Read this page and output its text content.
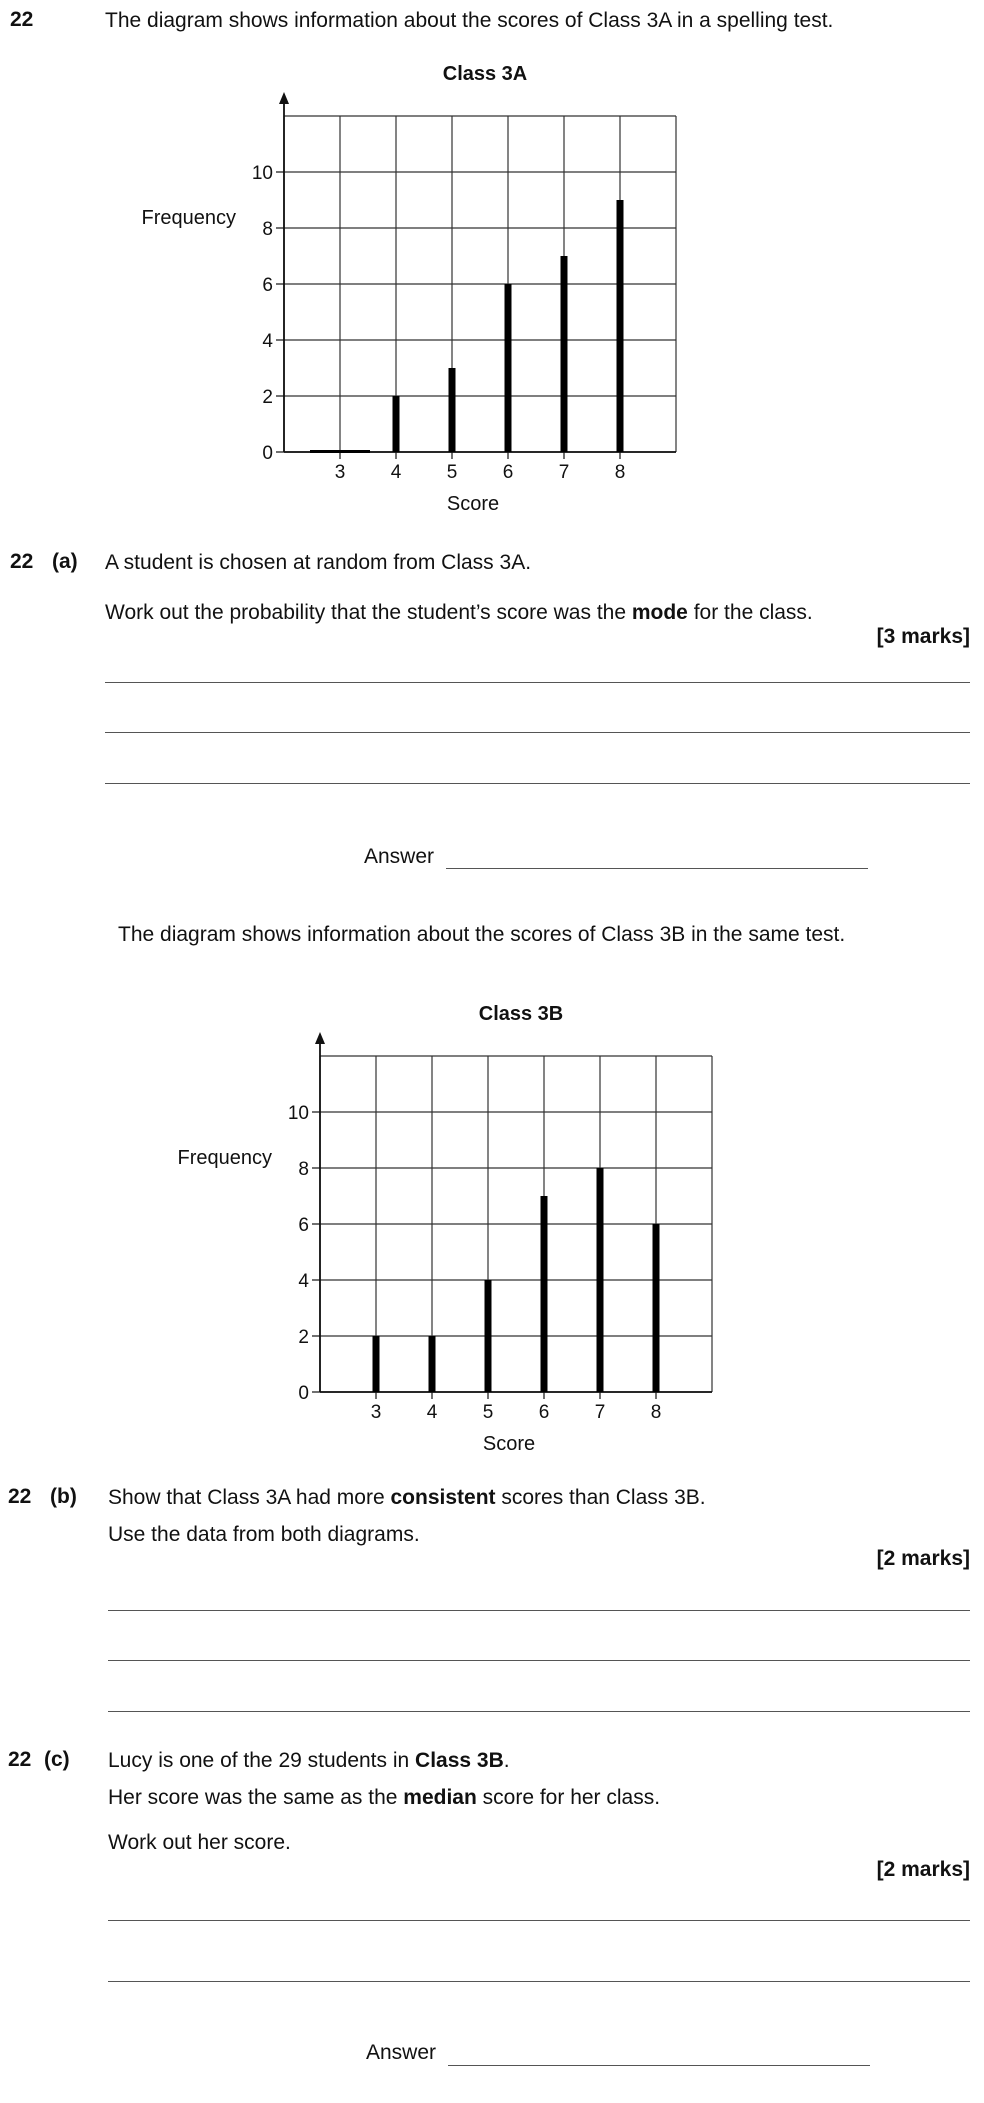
22	The diagram shows information about the scores of Class 3A in a spelling test.
Class 3A
0
2
4
6
8
10
3 4 5 6 7 8
Score
Frequency
22 (a) A student is chosen at random from Class 3A.
Work out the probability that the student’s score was the mode for the class.
[3 marks]
Answer
The diagram shows information about the scores of Class 3B in the same test.
Class 3B
0
2
4
6
8
10
3 4 5 6 7 8
Score
Frequency
22 (b) Show that Class 3A had more consistent scores than Class 3B.
Use the data from both diagrams.
[2 marks]
22 (c) Lucy is one of the 29 students in Class 3B.
Her score was the same as the median score for her class.
Work out her score.
[2 marks]
Answer
